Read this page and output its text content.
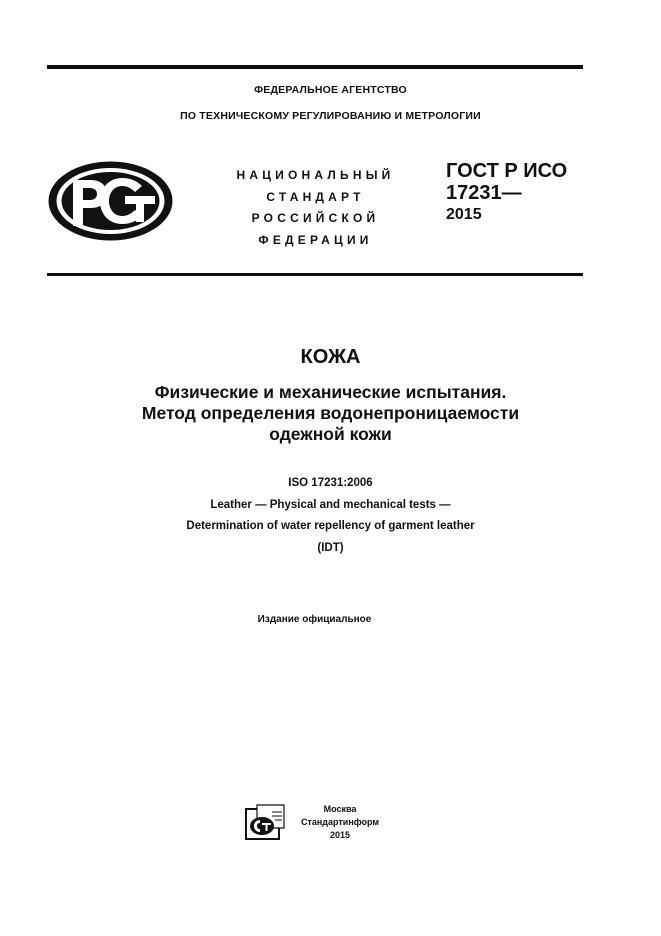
ФЕДЕРАЛЬНОЕ АГЕНТСТВО
ПО ТЕХНИЧЕСКОМУ РЕГУЛИРОВАНИЮ И МЕТРОЛОГИИ
НАЦИОНАЛЬНЫЙ
СТАНДАРТ
РОССИЙСКОЙ
ФЕДЕРАЦИИ
ГОСТ Р ИСО
17231—
2015
КОЖА
Физические и механические испытания.
Метод определения водонепроницаемости
одежной кожи
ISO 17231:2006
Leather — Physical and mechanical tests —
Determination of water repellency of garment leather
(IDT)
Издание официальное
Москва
Стандартинформ
2015
